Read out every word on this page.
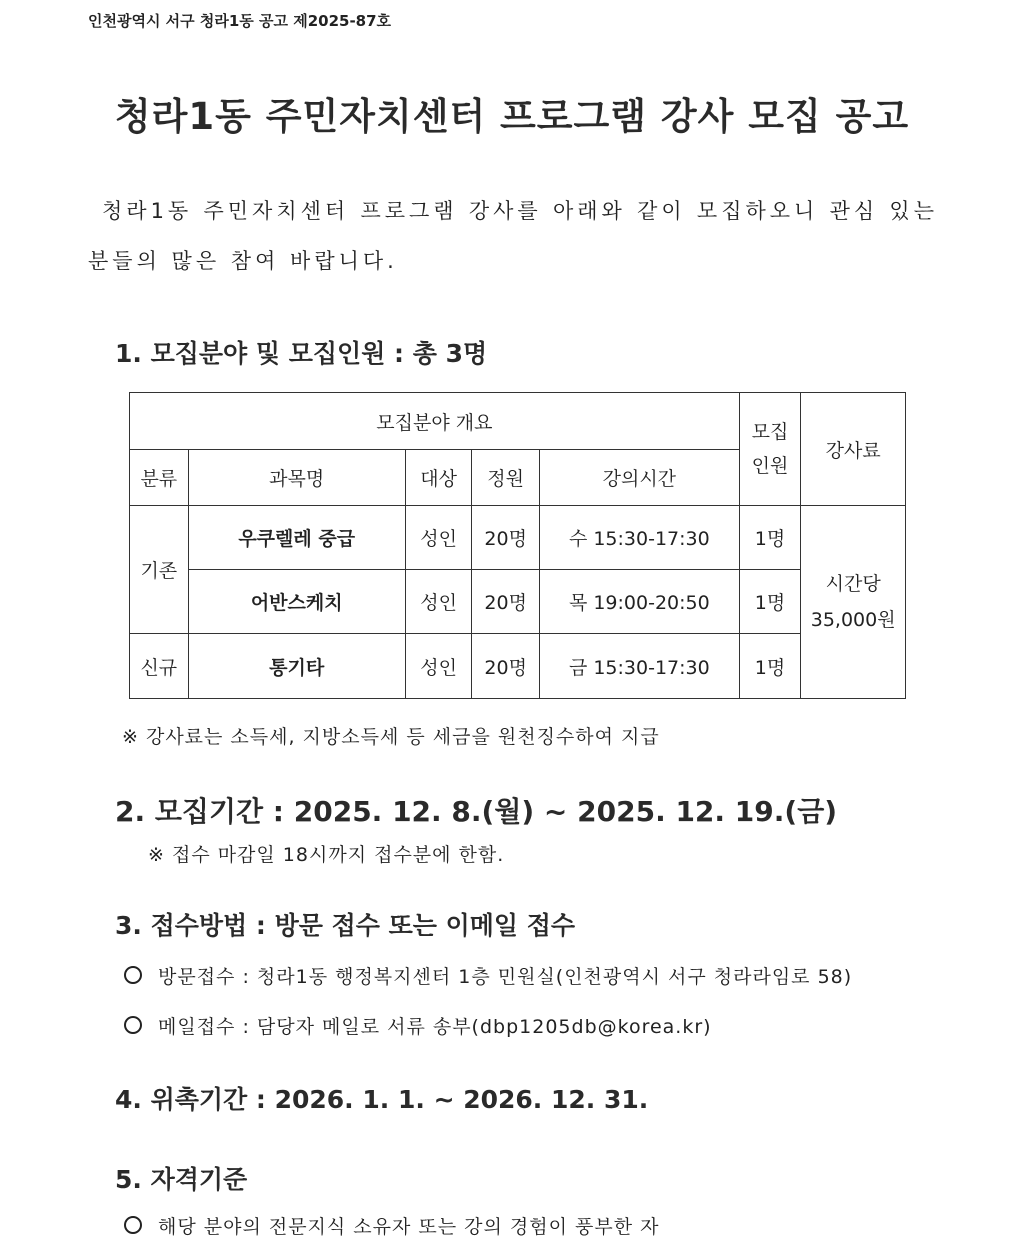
인천광역시 서구 청라1동 공고 제2025-87호
청라1동 주민자치센터 프로그램 강사 모집 공고
청라1동 주민자치센터 프로그램 강사를 아래와 같이 모집하오니 관심 있는 분들의 많은 참여 바랍니다.
1. 모집분야 및 모집인원 : 총 3명
모집분야 개요					모집 인원	강사료
분류	과목명	대상	정원	강의시간		
기존	우쿠렐레 중급	성인	20명	수 15:30-17:30	1명	시간당
35,000원

	어반스케치	성인	20명	목 19:00-20:50	1명	
신규	통기타	성인	20명	금 15:30-17:30	1명	
※ 강사료는 소득세, 지방소득세 등 세금을 원천징수하여 지급
2. 모집기간 : 2025. 12. 8.(월) ~ 2025. 12. 19.(금)
※ 접수 마감일 18시까지 접수분에 한함.
3. 접수방법 : 방문 접수 또는 이메일 접수
방문접수 : 청라1동 행정복지센터 1층 민원실(인천광역시 서구 청라라임로 58)
메일접수 : 담당자 메일로 서류 송부(dbp1205db@korea.kr)
4. 위촉기간 : 2026. 1. 1. ~ 2026. 12. 31.
5. 자격기준
해당 분야의 전문지식 소유자 또는 강의 경험이 풍부한 자
